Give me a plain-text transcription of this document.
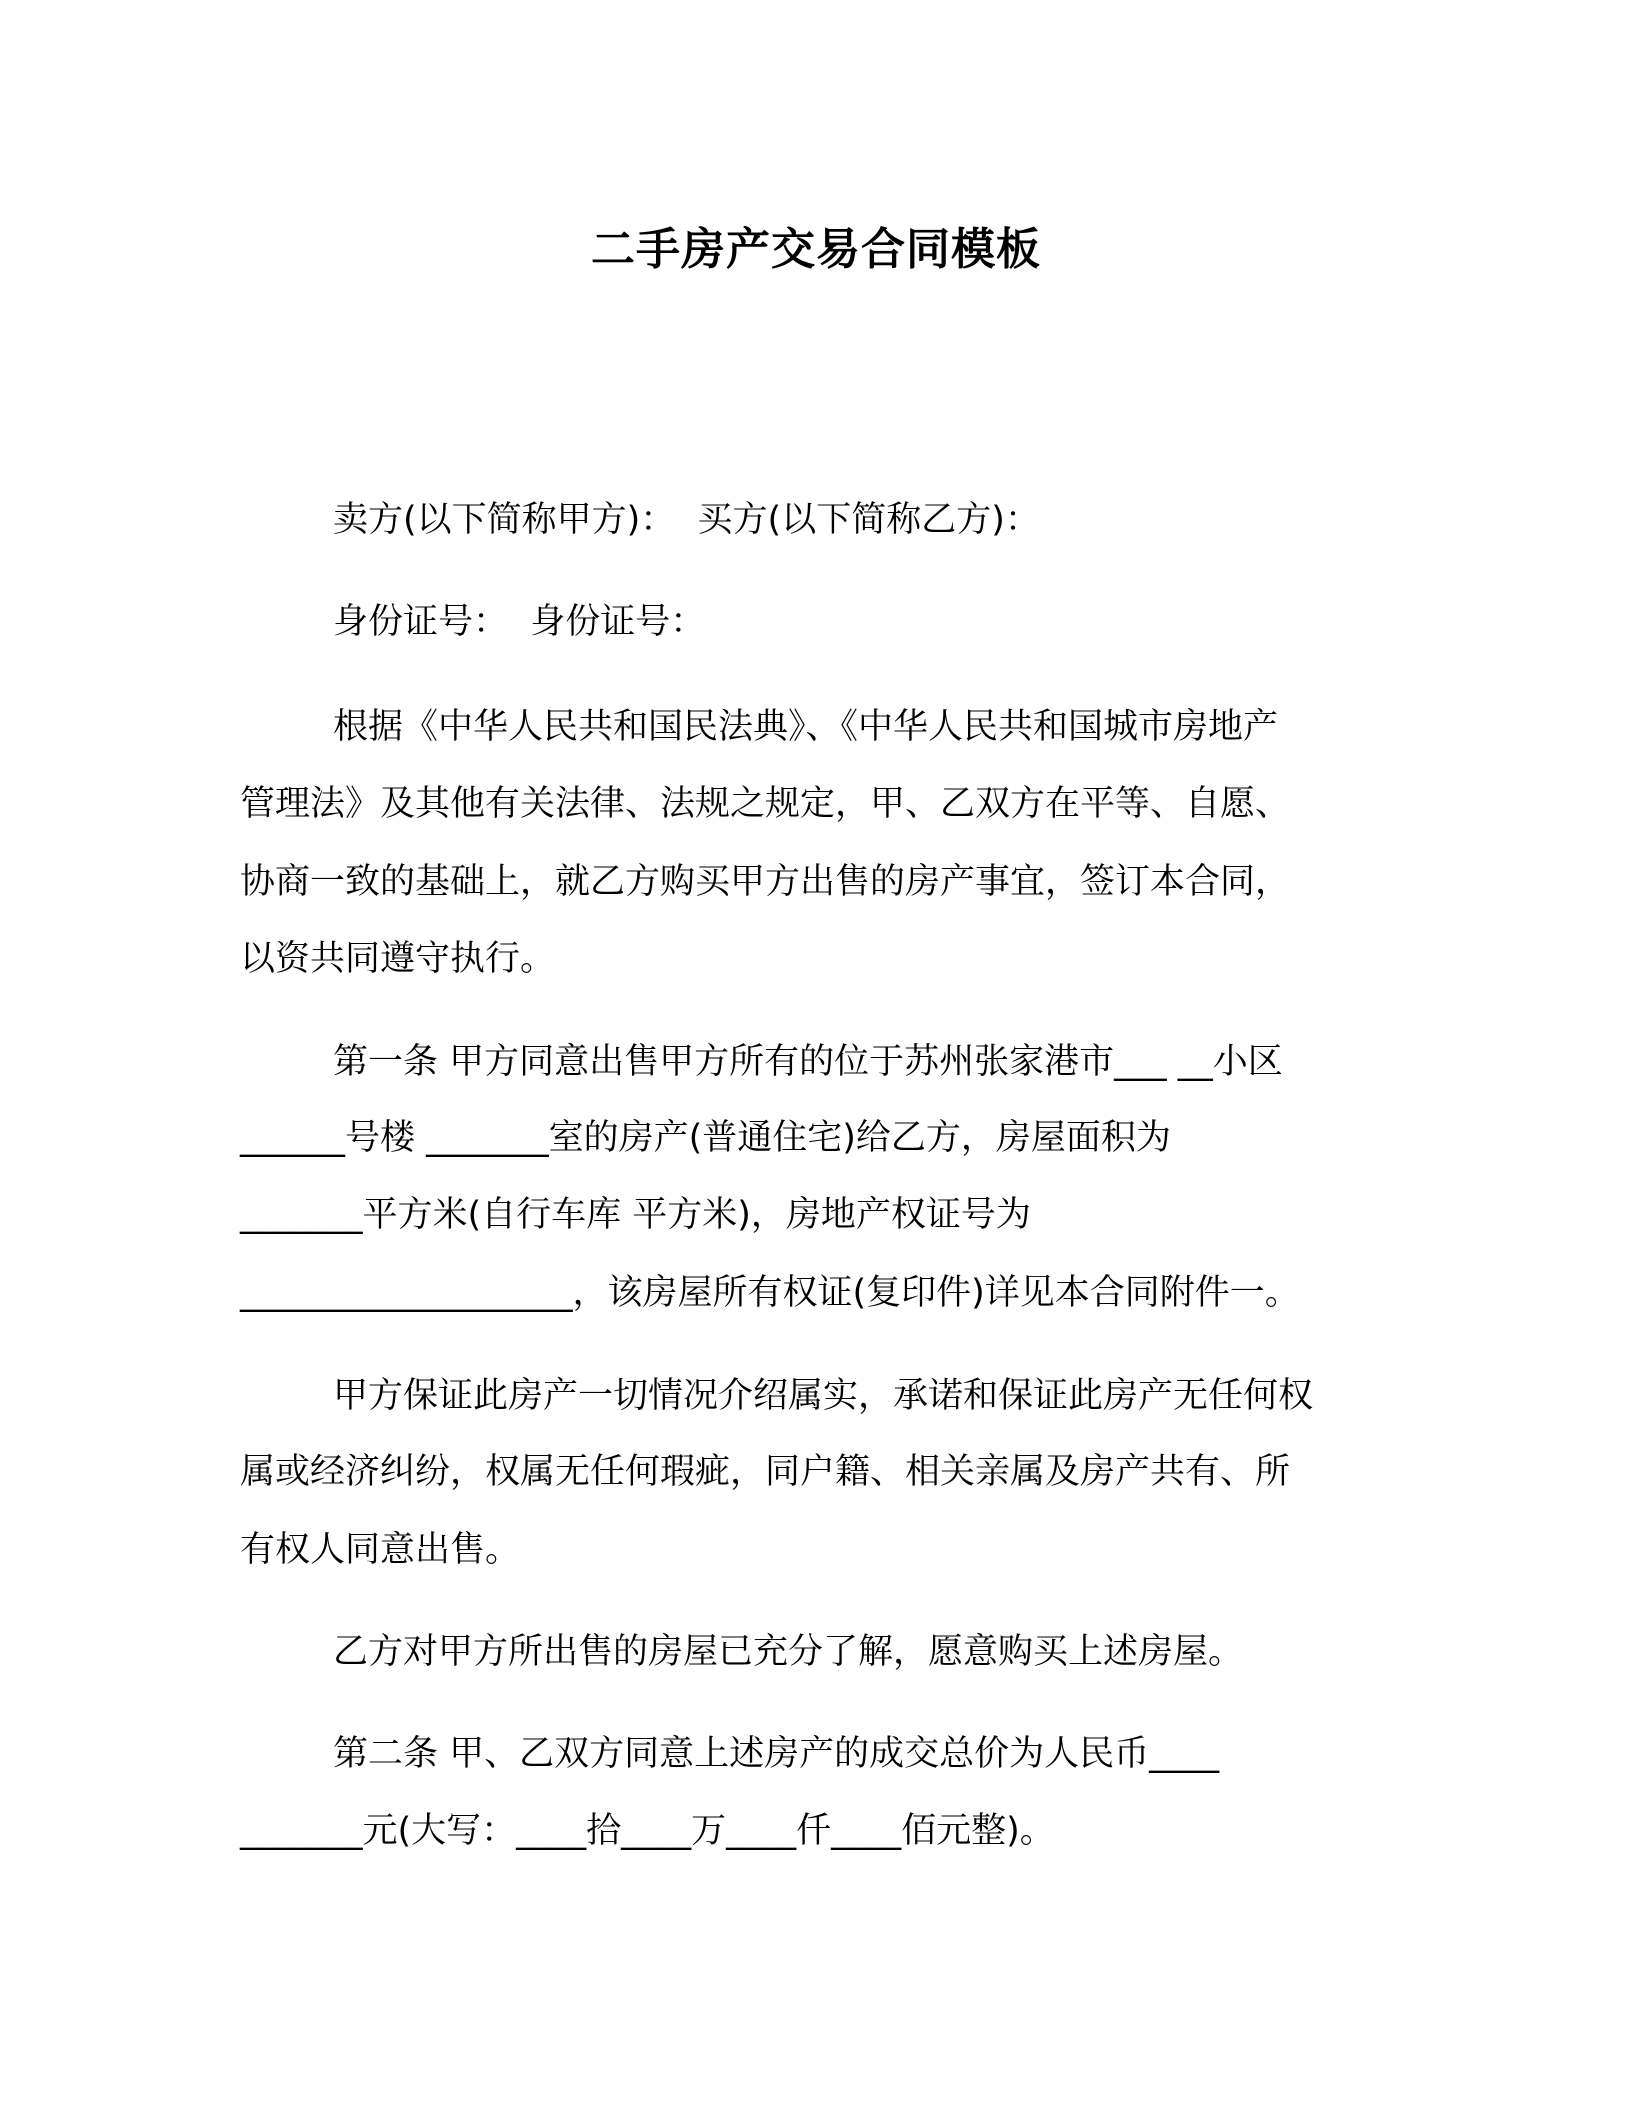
二手房产交易合同模板
卖方(以下简称甲方)：  买方(以下简称乙方)：
身份证号：  身份证号：
根据《中华人民共和国民法典》、《中华人民共和国城市房地产
管理法》及其他有关法律、法规之规定，甲、乙双方在平等、自愿、
协商一致的基础上，就乙方购买甲方出售的房产事宜，签订本合同，
以资共同遵守执行。
第一条 甲方同意出售甲方所有的位于苏州张家港市___ __小区
______号楼 _______室的房产(普通住宅)给乙方，房屋面积为
_______平方米(自行车库 平方米)，房地产权证号为
___________________，该房屋所有权证(复印件)详见本合同附件一。
甲方保证此房产一切情况介绍属实，承诺和保证此房产无任何权
属或经济纠纷，权属无任何瑕疵，同户籍、相关亲属及房产共有、所
有权人同意出售。
乙方对甲方所出售的房屋已充分了解，愿意购买上述房屋。
第二条 甲、乙双方同意上述房产的成交总价为人民币____
_______元(大写：____拾____万____仟____佰元整)。
